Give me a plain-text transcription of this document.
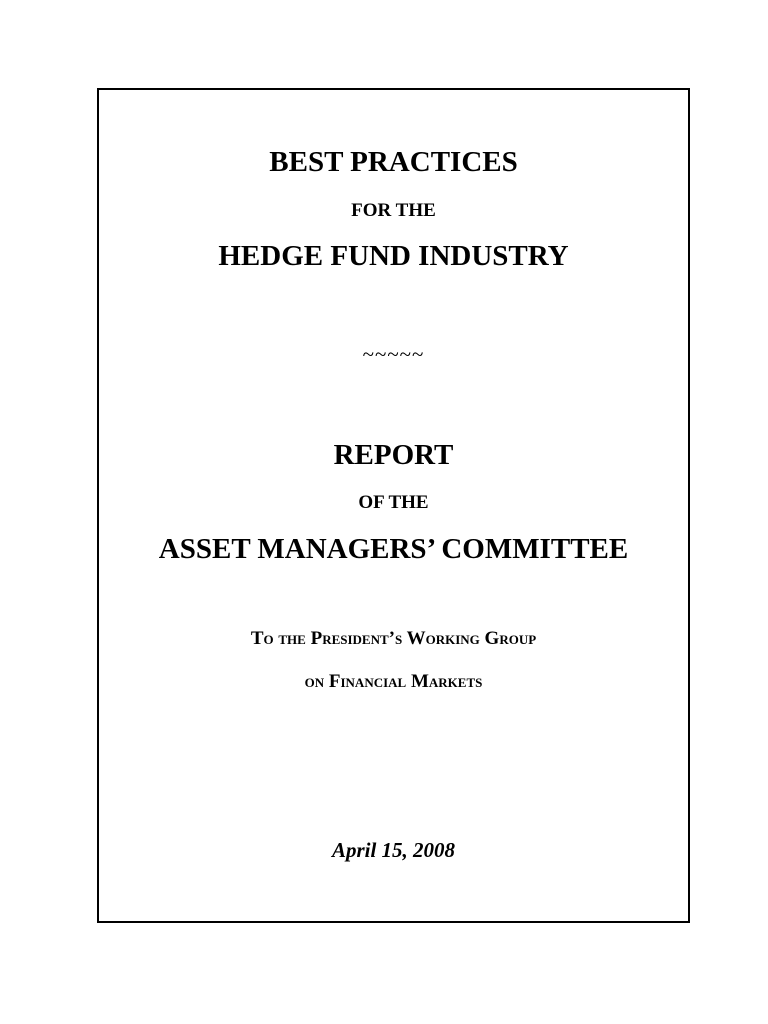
BEST PRACTICES
FOR THE
HEDGE FUND INDUSTRY
~~~~~
REPORT
OF THE
ASSET MANAGERS’ COMMITTEE
To the President’s Working Group
on Financial Markets
April 15, 2008
